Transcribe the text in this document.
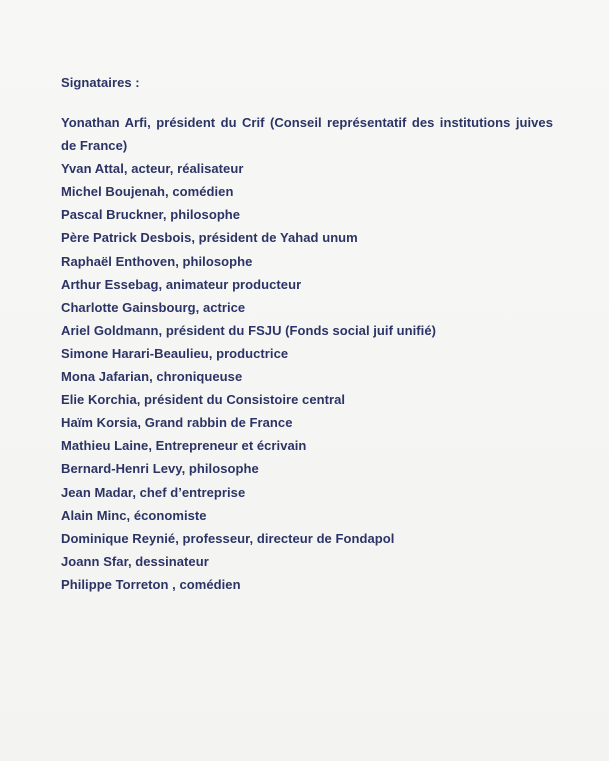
Signataires :

Yonathan Arfi, président du Crif (Conseil représentatif des institutions juives de France)

Yvan Attal, acteur, réalisateur

Michel Boujenah, comédien

Pascal Bruckner, philosophe

Père Patrick Desbois, président de Yahad unum

Raphaël Enthoven, philosophe

Arthur Essebag, animateur producteur

Charlotte Gainsbourg, actrice

Ariel Goldmann, président du FSJU (Fonds social juif unifié)

Simone Harari-Beaulieu, productrice

Mona Jafarian, chroniqueuse

Elie Korchia, président du Consistoire central

Haïm Korsia, Grand rabbin de France

Mathieu Laine, Entrepreneur et écrivain

Bernard-Henri Levy, philosophe

Jean Madar, chef d’entreprise

Alain Minc, économiste

Dominique Reynié, professeur, directeur de Fondapol

Joann Sfar, dessinateur

Philippe Torreton , comédien
